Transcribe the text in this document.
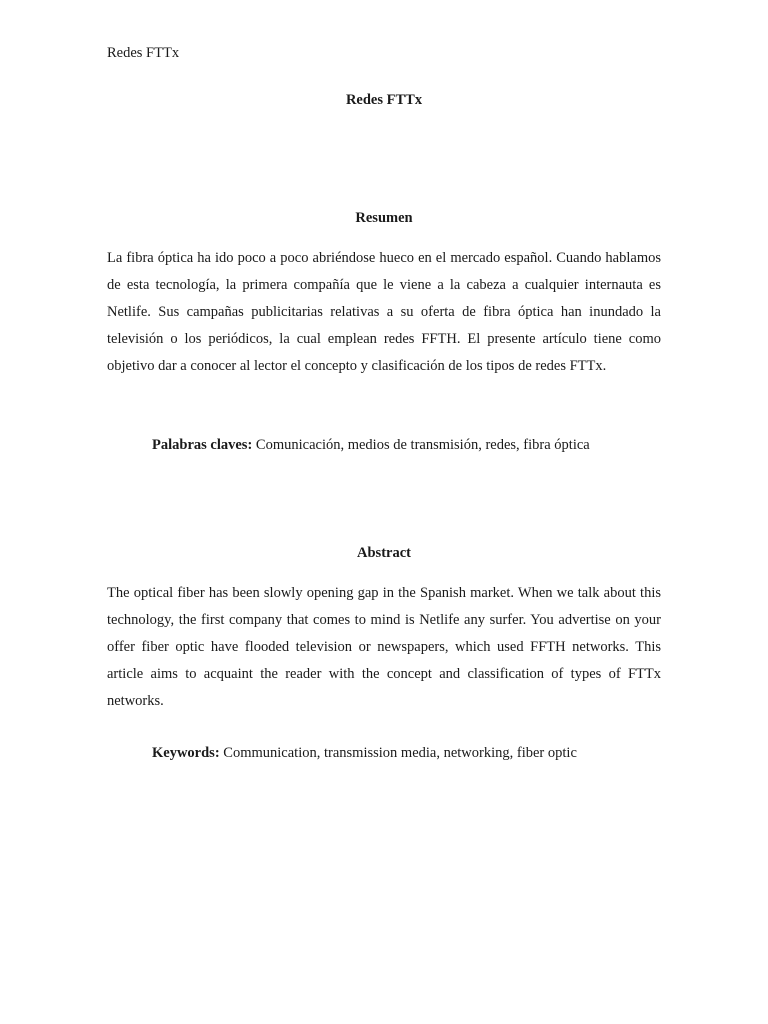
Redes FTTx
Redes FTTx
Resumen
La fibra óptica ha ido poco a poco abriéndose hueco en el mercado español. Cuando hablamos de esta tecnología, la primera compañía que le viene a la cabeza a cualquier internauta es Netlife. Sus campañas publicitarias relativas a su oferta de fibra óptica han inundado la televisión o los periódicos, la cual emplean redes FFTH. El presente artículo tiene como objetivo dar a conocer al lector el concepto y clasificación de los tipos de redes FTTx.
Palabras claves: Comunicación, medios de transmisión, redes, fibra óptica
Abstract
The optical fiber has been slowly opening gap in the Spanish market. When we talk about this technology, the first company that comes to mind is Netlife any surfer. You advertise on your offer fiber optic have flooded television or newspapers, which used FFTH networks. This article aims to acquaint the reader with the concept and classification of types of FTTx networks.
Keywords: Communication, transmission media, networking, fiber optic
